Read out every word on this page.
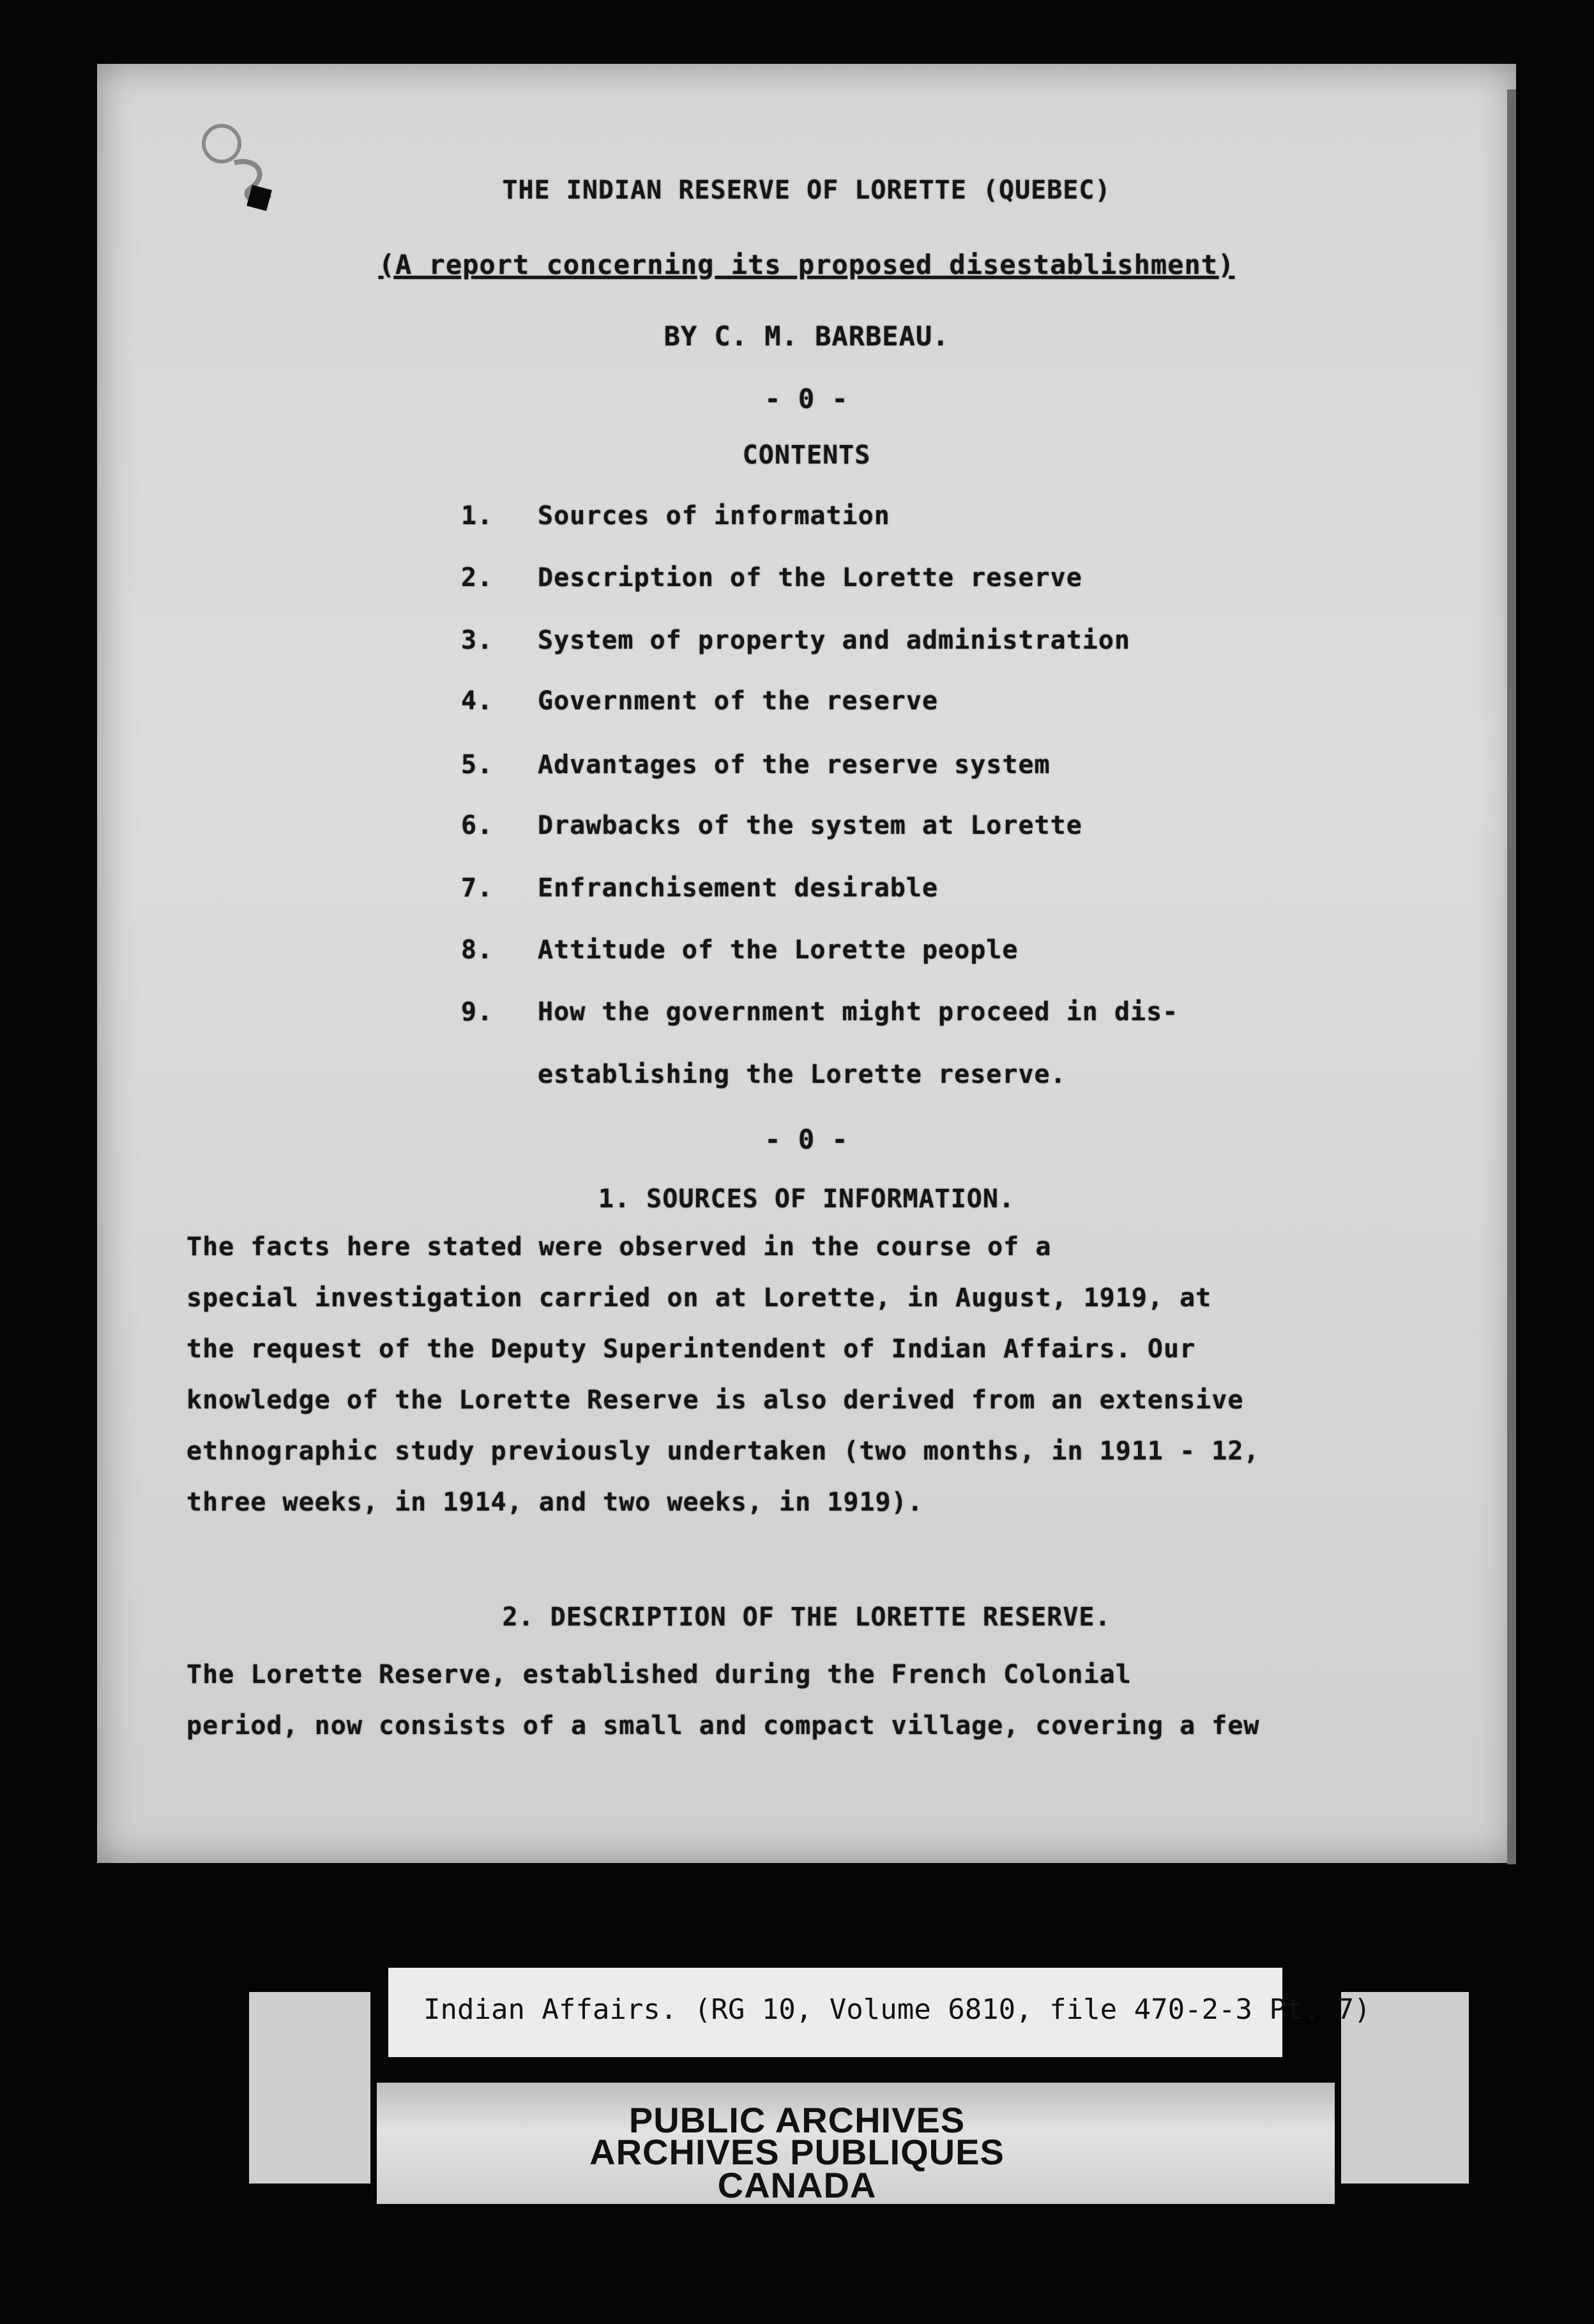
THE INDIAN RESERVE OF LORETTE (QUEBEC)
(A report concerning its proposed disestablishment)
BY C. M. BARBEAU.
- 0 -
CONTENTS
1. Sources of information
2. Description of the Lorette reserve
3. System of property and administration
4. Government of the reserve
5. Advantages of the reserve system
6. Drawbacks of the system at Lorette
7. Enfranchisement desirable
8. Attitude of the Lorette people
9. How the government might proceed in dis-
establishing the Lorette reserve.
- 0 -
1. SOURCES OF INFORMATION.
The facts here stated were observed in the course of a
special investigation carried on at Lorette, in August, 1919, at
the request of the Deputy Superintendent of Indian Affairs. Our
knowledge of the Lorette Reserve is also derived from an extensive
ethnographic study previously undertaken (two months, in 1911 - 12,
three weeks, in 1914, and two weeks, in 1919).
2. DESCRIPTION OF THE LORETTE RESERVE.
The Lorette Reserve, established during the French Colonial
period, now consists of a small and compact village, covering a few
Indian Affairs. (RG 10, Volume 6810, file 470-2-3 Pt. 7)
PUBLIC ARCHIVES
ARCHIVES PUBLIQUES
CANADA
